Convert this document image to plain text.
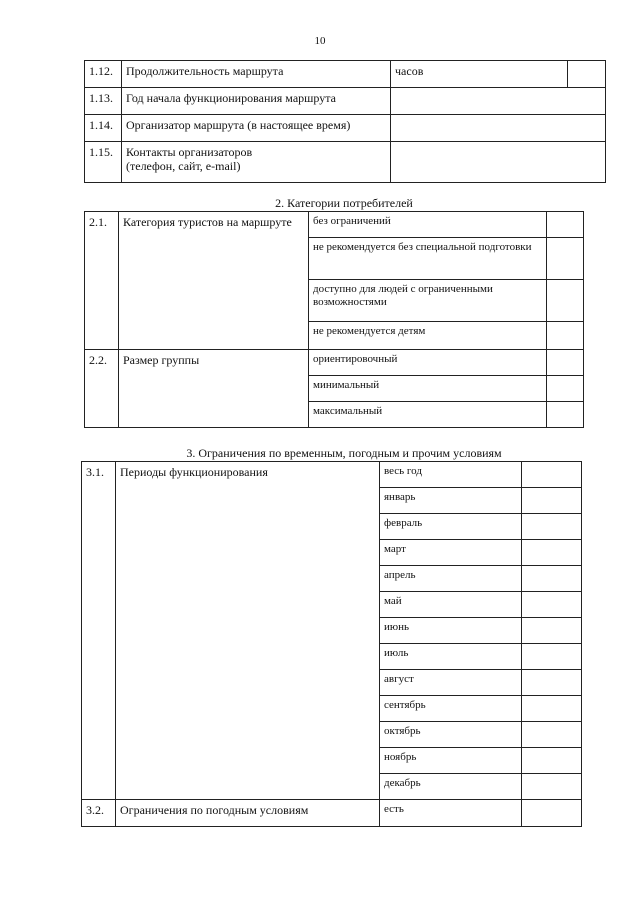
10
1.12.	Продолжительность маршрута	часов	
1.13.	Год начала функционирования маршрута		
1.14.	Организатор маршрута (в настоящее время)		
1.15.	Контакты организаторов
(телефон, сайт, e-mail)		

2. Категории потребителей
2.1.	Категория туристов на маршруте	без ограничений	
		не рекомендуется без специальной подготовки	
		доступно для людей с ограниченными возможностями	
		не рекомендуется детям	
2.2.	Размер группы	ориентировочный	
		минимальный	
		максимальный	
3. Ограничения по временным, погодным и прочим условиям
3.1.	Периоды функционирования	весь год	
		январь	
		февраль	
		март	
		апрель	
		май	
		июнь	
		июль	
		август	
		сентябрь	
		октябрь	
		ноябрь	
		декабрь	
3.2.	Ограничения по погодным условиям	есть	
